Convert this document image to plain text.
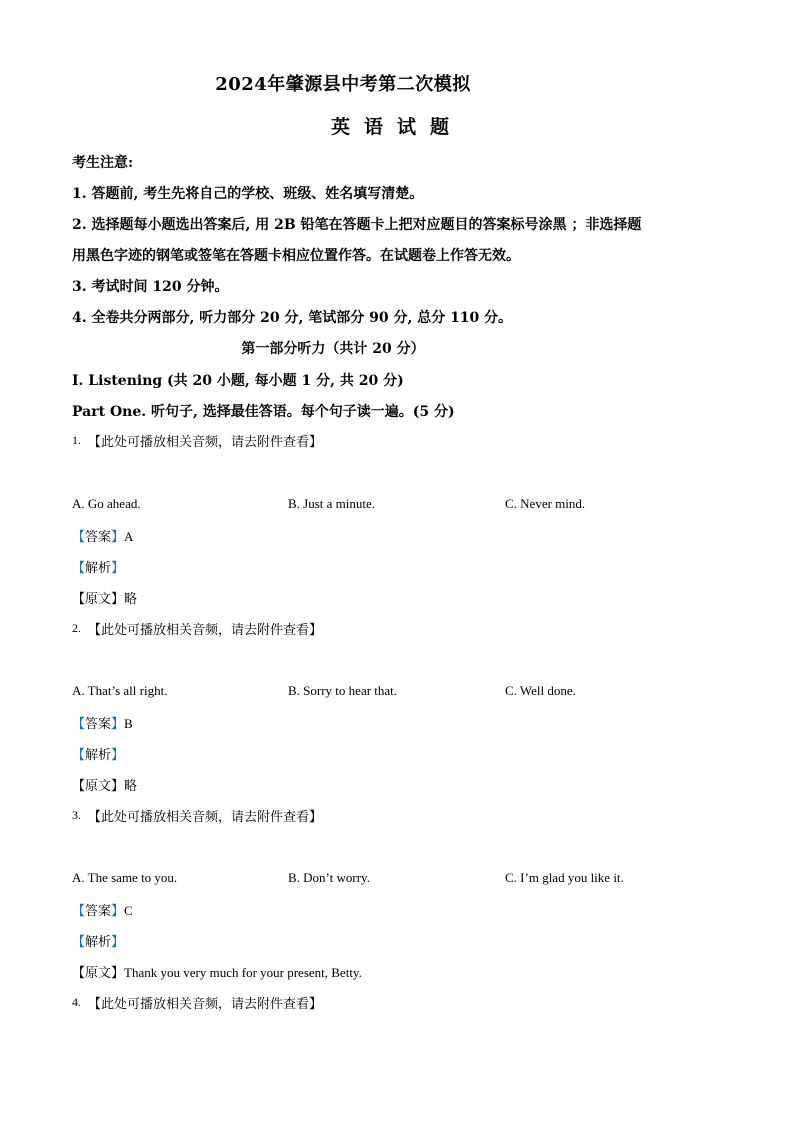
2024年肇源县中考第二次模拟
英语试题
考生注意:
1. 答题前, 考生先将自己的学校、班级、姓名填写清楚。
2. 选择题每小题选出答案后, 用 2B 铅笔在答题卡上把对应题目的答案标号涂黑 ；非选择题
用黑色字迹的钢笔或签笔在答题卡相应位置作答。在试题卷上作答无效。
3. 考试时间 120 分钟。
4. 全卷共分两部分, 听力部分 20 分, 笔试部分 90 分, 总分 110 分。
第一部分听力（共计 20 分）
I. Listening (共 20 小题, 每小题 1 分, 共 20 分)
Part One. 听句子, 选择最佳答语。每个句子读一遍。(5 分)
1. 【此处可播放相关音频，请去附件查看】
A. Go ahead.	B. Just a minute.	C. Never mind.
【答案】A
【解析】
【原文】略
2. 【此处可播放相关音频，请去附件查看】
A. That’s all right.	B. Sorry to hear that.	C. Well done.
【答案】B
【解析】
【原文】略
3. 【此处可播放相关音频，请去附件查看】
A. The same to you.	B. Don’t worry.	C. I’m glad you like it.
【答案】C
【解析】
【原文】Thank you very much for your present, Betty.
4. 【此处可播放相关音频，请去附件查看】
